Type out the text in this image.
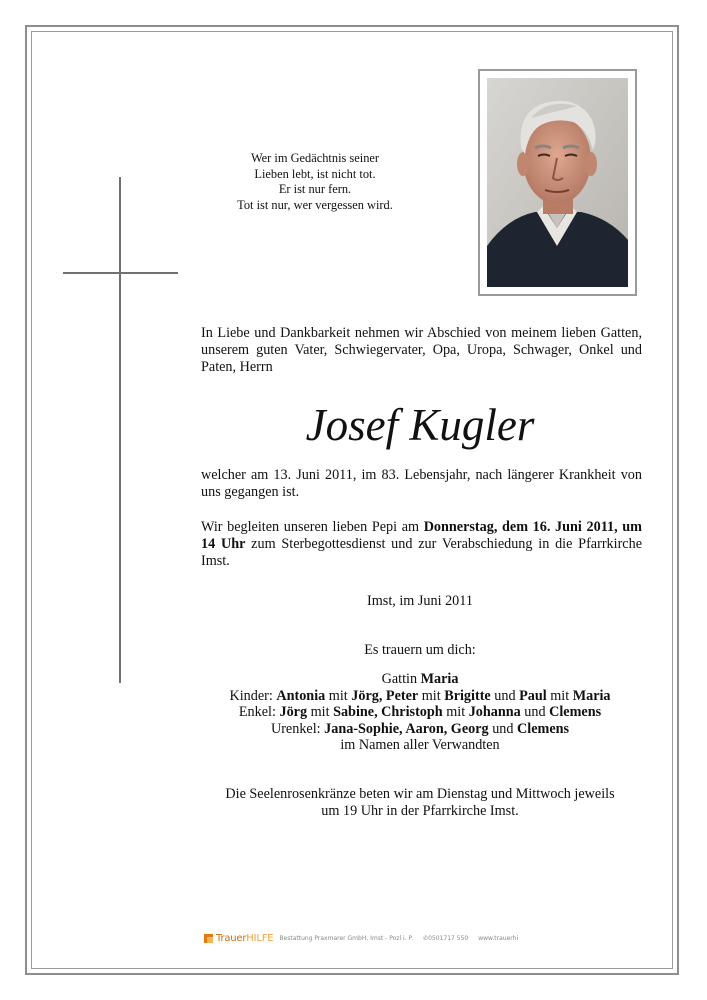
Wer im Gedächtnis seiner
Lieben lebt, ist nicht tot.
Er ist nur fern.
Tot ist nur, wer vergessen wird.
In Liebe und Dankbarkeit nehmen wir Abschied von meinem lieben Gatten, unserem guten Vater, Schwiegervater, Opa, Uropa, Schwager, Onkel und Paten, Herrn
Josef Kugler
welcher am 13. Juni 2011, im 83. Lebensjahr, nach längerer Krankheit von uns gegangen ist.
Wir begleiten unseren lieben Pepi am Donnerstag, dem 16. Juni 2011, um 14 Uhr zum Sterbegottesdienst und zur Verabschiedung in die Pfarrkirche Imst.
Imst, im Juni 2011
Es trauern um dich:
Gattin Maria
Kinder: Antonia mit Jörg, Peter mit Brigitte und Paul mit Maria
Enkel: Jörg mit Sabine, Christoph mit Johanna und Clemens
Urenkel: Jana-Sophie, Aaron, Georg und Clemens
im Namen aller Verwandten
Die Seelenrosenkränze beten wir am Dienstag und Mittwoch jeweils
um 19 Uhr in der Pfarrkirche Imst.
TrauerHILFE Bestattung Praxmarer GmbH, Imst - Pozl i. P. ✆0501717 550 www.trauerhi
